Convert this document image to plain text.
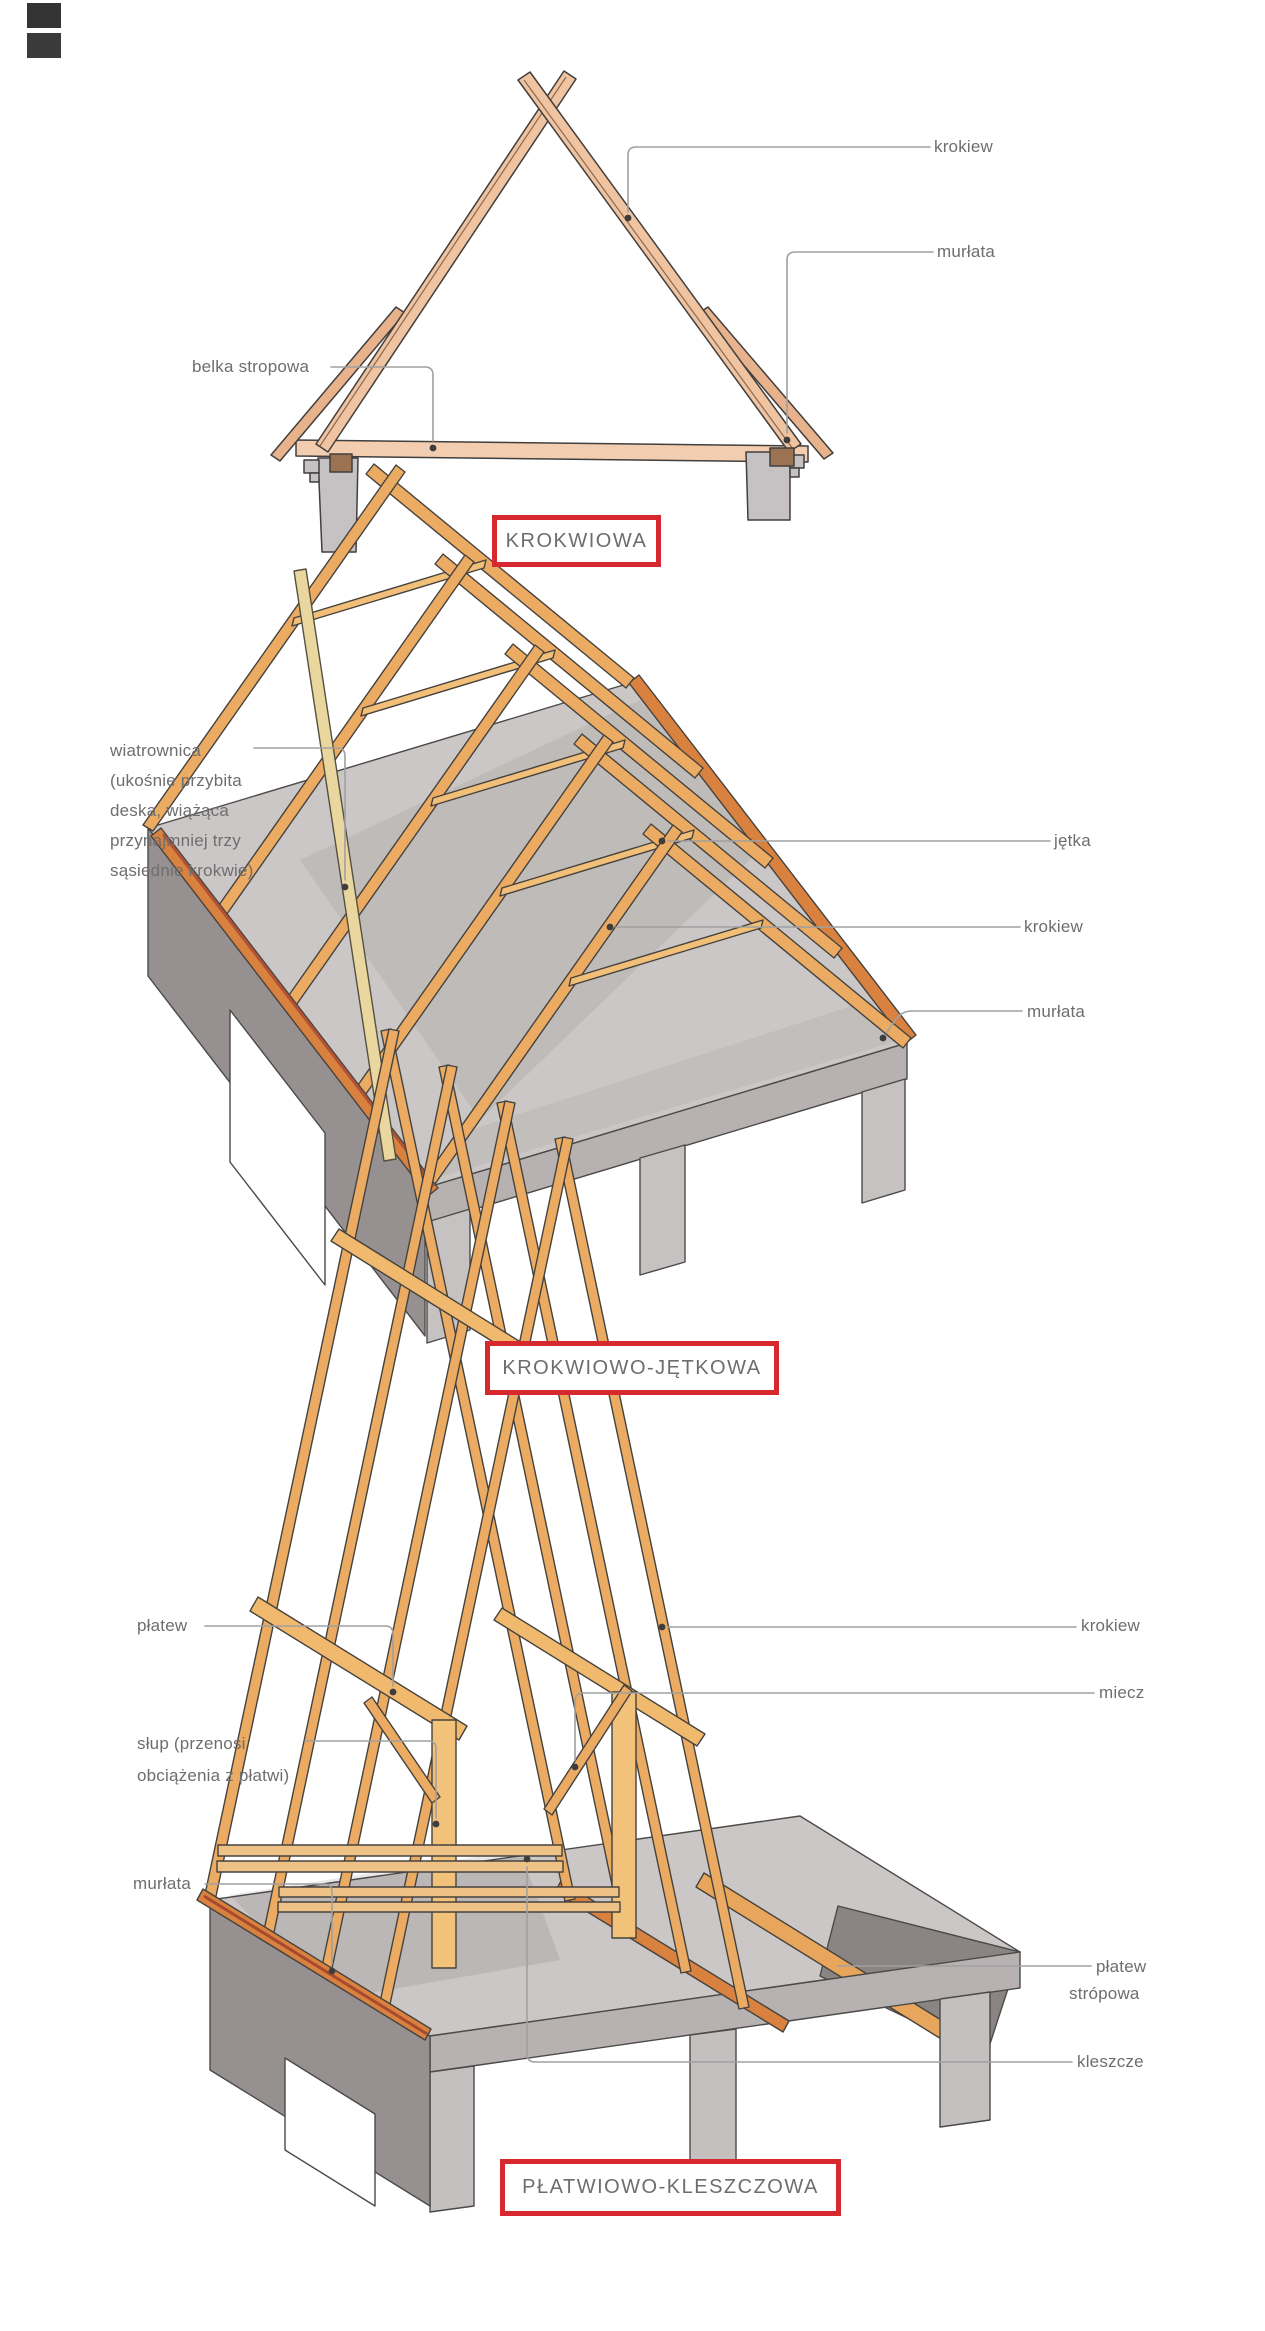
krokiew
murłata
belka stropowa
wiatrownica
(ukośnie przybita
deska, wiążąca
przynajmniej trzy
sąsiednie krokwie)
jętka
krokiew
murłata
płatew
słup (przenosi
obciążenia z płatwi)
murłata
krokiew
miecz
płatew
strópowa
kleszcze
KROKWIOWA
KROKWIOWO-JĘTKOWA
PŁATWIOWO-KLESZCZOWA
